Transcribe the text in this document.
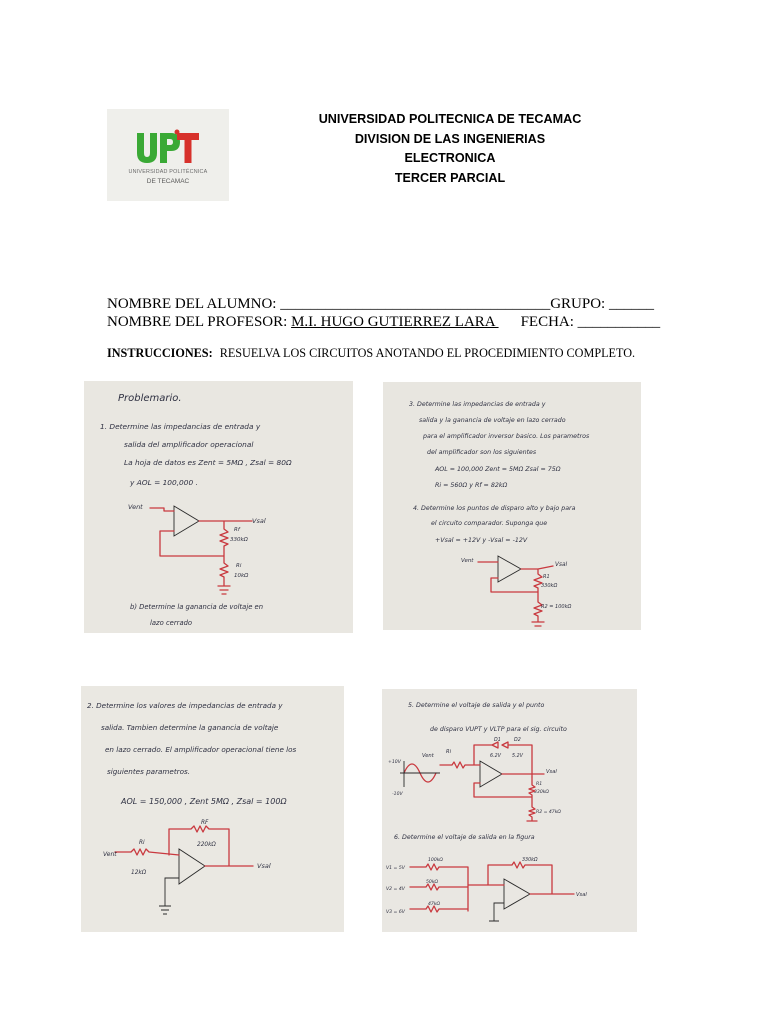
UNIVERSIDAD POLITÉCNICA
DE TECAMAC
UNIVERSIDAD POLITECNICA DE TECAMAC
DIVISION DE LAS INGENIERIAS
ELECTRONICA
TERCER PARCIAL
NOMBRE DEL ALUMNO: ____________________________________GRUPO: ______
NOMBRE DEL PROFESOR: M.I. HUGO GUTIERREZ LARA FECHA: ___________
INSTRUCCIONES: RESUELVA LOS CIRCUITOS ANOTANDO EL PROCEDIMIENTO COMPLETO.
Problemario.
1. Determine las impedancias de entrada y
salida del amplificador operacional
La hoja de datos es Zent = 5MΩ , Zsal = 80Ω
y AOL = 100,000 .
Vent
Vsal
Rf
330kΩ
Ri
10kΩ
b) Determine la ganancia de voltaje en
lazo cerrado
3. Determine las impedancias de entrada y
salida y la ganancia de voltaje en lazo cerrado
para el amplificador inversor basico. Los parametros
del amplificador son los siguientes
AOL = 100,000 Zent = 5MΩ Zsal = 75Ω
Ri = 560Ω y Rf = 82kΩ
4. Determine los puntos de disparo alto y bajo para
el circuito comparador. Suponga que
+Vsal = +12V y -Vsal = -12V
Vent
Vsal
R1
330kΩ
R2 = 100kΩ
2. Determine los valores de impedancias de entrada y
salida. Tambien determine la ganancia de voltaje
en lazo cerrado. El amplificador operacional tiene los
siguientes parametros.
AOL = 150,000 , Zent 5MΩ , Zsal = 100Ω
RF
220kΩ
Vent
Ri
12kΩ
Vsal
5. Determine el voltaje de salida y el punto
de disparo VUPT y VLTP para el sig. circuito
D1	D2
6.2V 5.2V
Vent
Ri
+10V
-10V
Vsal
R1
330kΩ
R2 = 47kΩ
6. Determine el voltaje de salida en la figura
330kΩ
V1 = 5V
V2 = 4V
V3 = 6V
100kΩ
50kΩ
47kΩ
Vsal
